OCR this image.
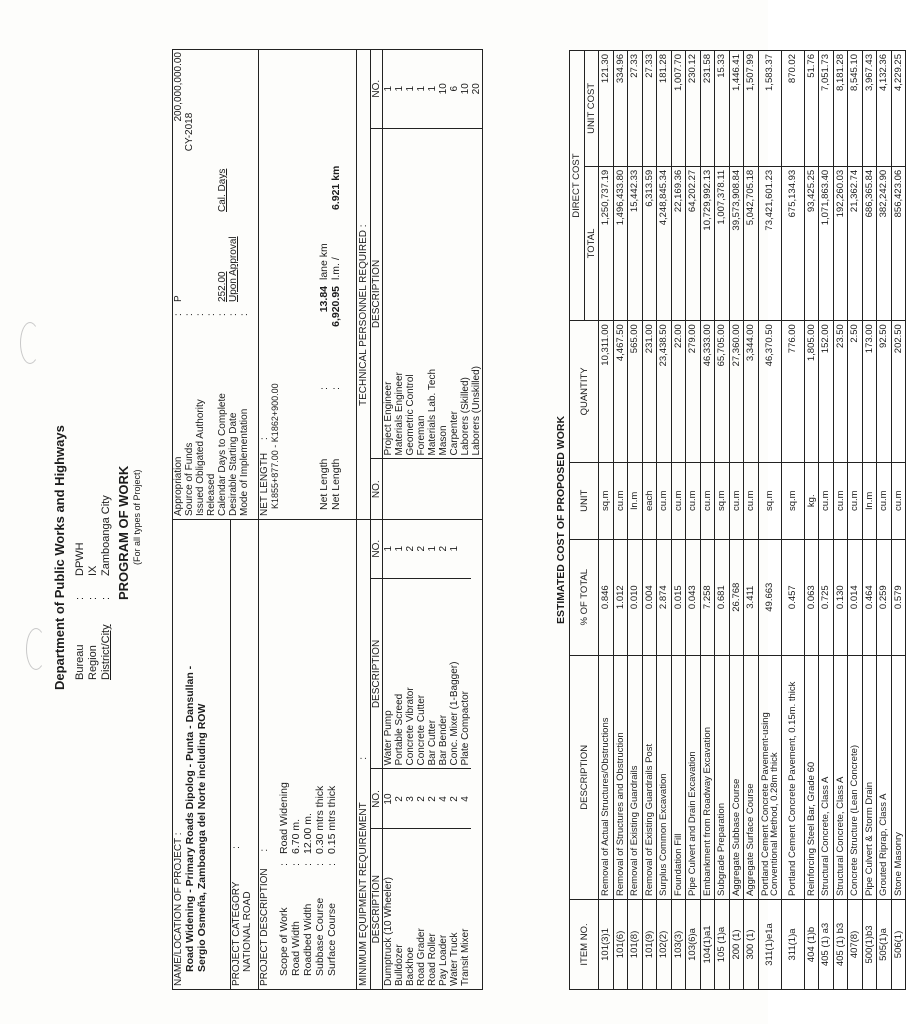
Department of Public Works and Highways Bureau:DPWH
Region:IX
District/City:Zamboanga City PROGRAM OF WORK (For all types of Project)
NAME/LOCATION OF PROJECT : Road Widening - Primary Roads Dipolog - Punta - Dansullan - Sergio Osmeña, Zamboanga del Norte including ROW

Appropriation	:	P	200,000,000.00
Source of Funds	:		CY-2018
Issued Obligated Authority	:		
Released	:		
Calendar Days to Complete	:	252.00	Cal. Days
Desirable Starting Date	:	Upon Approval
Mode of Implementation	:		

PROJECT CATEGORY :
NATIONAL ROAD

PROJECT DESCRIPTION :
Scope of Work	:	Road Widening
Road Width	:	6.70 m.
Roadbed Width	:	12.00 m.
Subbase Course	:	0.30 mtrs thick
Surface Course	:	0.15 mtrs thick

NET LENGTH : K1855+877.00 - K1862+900.00	Net Length	:	13.84	lane km	
Net Length	:	6,920.95	l.m. /	6.921 km

MINIMUM EQUIPMENT REQUIREMENT :	TECHNICAL PERSONNEL REQUIRED :

DESCRIPTION	NO.	DESCRIPTION	NO.
Dumptruck (10 Wheeler)	10	Water Pump	1
Bulldozer	2	Portable Screed	1
Backhoe	3	Concrete Vibrator	2
Road Grader	2	Concrete Cutter	2
Road Roller	2	Bar Cutter	1
Pay Loader	4	Bar Bender	2
Water Truck	2	Conc. Mixer (1-Bagger)	1
Transit Mixer	4	Plate Compactor	

NO.	DESCRIPTION	NO.
	Project Engineer	1
	Materials Engineer	1
	Geometric Control	1
	Foreman	1
	Materials Lab. Tech	1
	Mason	10
	Carpenter	6
	Laborers (Skilled)	10
	Laborers (Unskilled)	20
ESTIMATED COST OF PROPOSED WORK
ITEM NO.	DESCRIPTION	% OF TOTAL	UNIT	QUANTITY	DIRECT COST	
					TOTAL	UNIT COST
101(3)1	Removal of Actual Structures/Obstructions	0.846	sq.m	10,311.00	1,250,737.19	121.30
101(6)	Removal of Structures and Obstruction	1.012	cu.m	4,467.50	1,496,433.80	334.96
101(8)	Removal of Existing Guardrails	0.010	ln.m	565.00	15,442.33	27.33
101(9)	Removal of Existing Guardrails Post	0.004	each	231.00	6,313.59	27.33
102(2)	Surplus Common Excavation	2.874	cu.m	23,438.50	4,248,845.34	181.28
103(3)	Foundation Fill	0.015	cu.m	22.00	22,169.36	1,007.70
103(6)a	Pipe Culvert and Drain Excavation	0.043	cu.m	279.00	64,202.27	230.12
104(1)a1	Embankment from Roadway Excavation	7.258	cu.m	46,333.00	10,729,992.13	231.58
105 (1)a	Subgrade Preparation	0.681	sq.m	65,705.00	1,007,378.11	15.33
200 (1)	Aggregate Subbase Course	26.768	cu.m	27,360.00	39,573,908.84	1,446.41
300 (1)	Aggregate Surface Course	3.411	cu.m	3,344.00	5,042,705.18	1,507.99
311(1)e1a	Portland Cement Concrete Pavement-using Conventional Method, 0.28m thick	49.663	sq.m	46,370.50	73,421,601.23	1,583.37
311(1)a	Portland Cement Concrete Pavement, 0.15m. thick	0.457	sq.m	776.00	675,134.93	870.02
404 (1)b	Reinforcing Steel Bar, Grade 60	0.063	kg.	1,805.00	93,425.25	51.76
405 (1) a3	Structural Concrete, Class A	0.725	cu.m	152.00	1,071,863.40	7,051.73
405 (1) b3	Structural Concrete, Class A	0.130	cu.m	23.50	192,260.03	8,181.28
407(8)	Concrete Structure (Lean Concrete)	0.014	cu.m	2.50	21,362.74	8,545.10
500(1)b3	Pipe Culvert & Storm Drain	0.464	ln.m	173.00	686,365.84	3,967.43
505(1)a	Grouted Riprap, Class A	0.259	cu.m	92.50	382,242.90	4,132.36
506(1)	Stone Masonry	0.579	cu.m	202.50	856,423.06	4,229.25
